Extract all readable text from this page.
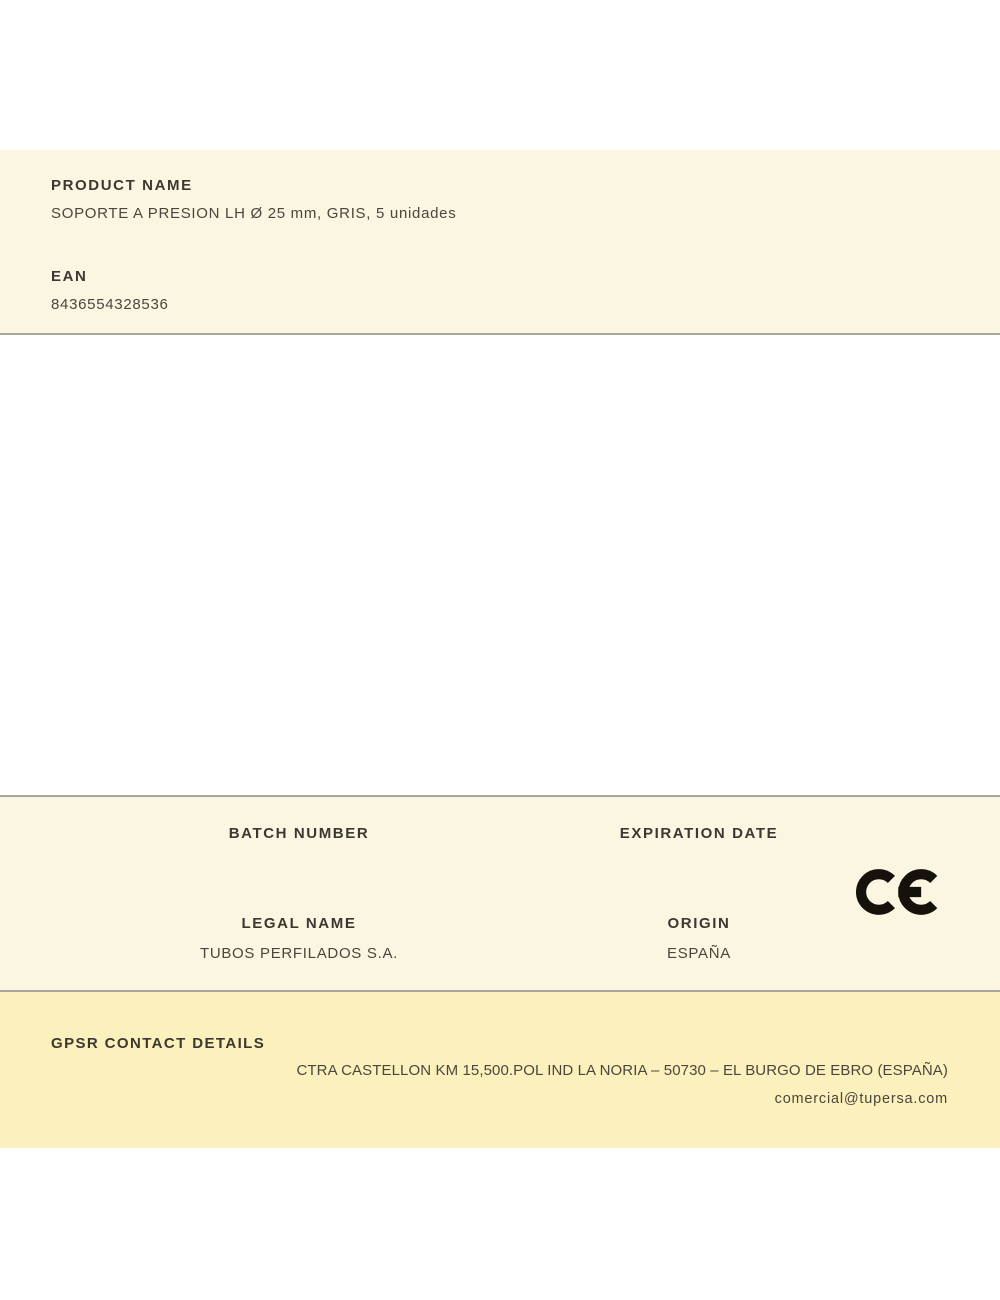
PRODUCT NAME
SOPORTE A PRESION LH Ø 25 mm, GRIS, 5 unidades
EAN
8436554328536
BATCH NUMBER	EXPIRATION DATE
LEGAL NAME
TUBOS PERFILADOS S.A.
ORIGIN
ESPAÑA
GPSR CONTACT DETAILS
CTRA CASTELLON KM 15,500.POL IND LA NORIA – 50730 – EL BURGO DE EBRO (ESPAÑA)
comercial@tupersa.com
